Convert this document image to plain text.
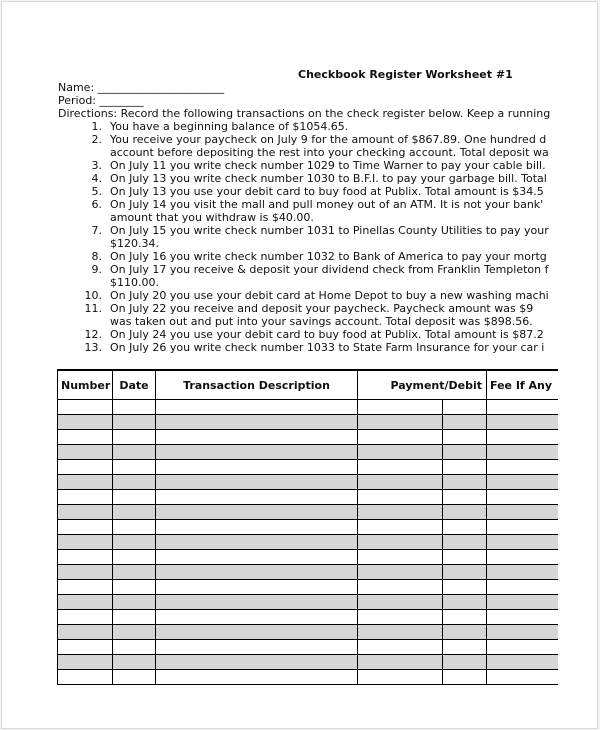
Checkbook Register Worksheet #1
Name: _______________________
Period: ________
Directions: Record the following transactions on the check register below. Keep a running
1. You have a beginning balance of $1054.65.
2. You receive your paycheck on July 9 for the amount of $867.89. One hundred d
account before depositing the rest into your checking account. Total deposit wa
3. On July 11 you write check number 1029 to Time Warner to pay your cable bill.
4. On July 13 you write check number 1030 to B.F.I. to pay your garbage bill. Total
5. On July 13 you use your debit card to buy food at Publix. Total amount is $34.5
6. On July 14 you visit the mall and pull money out of an ATM. It is not your bank'
amount that you withdraw is $40.00.
7. On July 15 you write check number 1031 to Pinellas County Utilities to pay your
$120.34.
8. On July 16 you write check number 1032 to Bank of America to pay your mortg
9. On July 17 you receive & deposit your dividend check from Franklin Templeton f
$110.00.
10. On July 20 you use your debit card at Home Depot to buy a new washing machi
11. On July 22 you receive and deposit your paycheck. Paycheck amount was $9
was taken out and put into your savings account. Total deposit was $898.56.
12. On July 24 you use your debit card to buy food at Publix. Total amount is $87.2
13. On July 26 you write check number 1033 to State Farm Insurance for your car i
Number	Date	Transaction Description	Payment/Debit		Fee If Any
